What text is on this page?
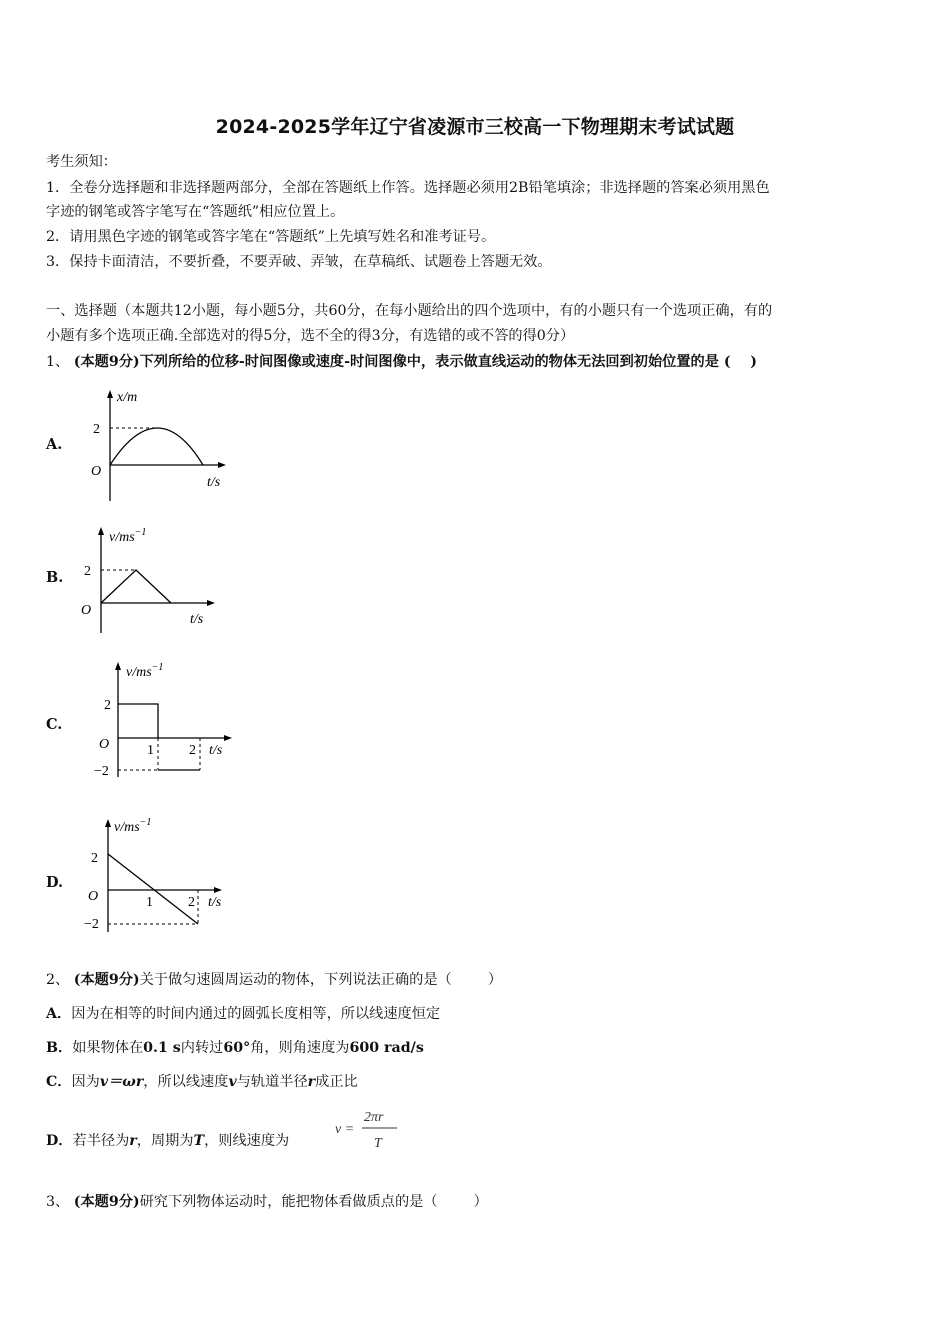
2024-2025学年辽宁省凌源市三校高一下物理期末考试试题
考生须知：
1．全卷分选择题和非选择题两部分，全部在答题纸上作答。选择题必须用2B铅笔填涂；非选择题的答案必须用黑色
字迹的钢笔或答字笔写在“答题纸”相应位置上。
2．请用黑色字迹的钢笔或答字笔在“答题纸”上先填写姓名和准考证号。
3．保持卡面清洁，不要折叠，不要弄破、弄皱，在草稿纸、试题卷上答题无效。
一、选择题（本题共12小题，每小题5分，共60分，在每小题给出的四个选项中，有的小题只有一个选项正确，有的
小题有多个选项正确.全部选对的得5分，选不全的得3分，有选错的或不答的得0分）
1、 (本题9分)下列所给的位移-时间图像或速度-时间图像中，表示做直线运动的物体无法回到初始位置的是 (    )
A.
x/m
2
O
t/s
B.
$v/ms^{-1}$
2
O
t/s
C.
$v/ms^{-1}$
2
O
−2
1	2 t/s
D.
$v/ms^{-1}$
2
O
−2
1	2 t/s
2、 (本题9分)关于做匀速圆周运动的物体，下列说法正确的是（        ）
A．因为在相等的时间内通过的圆弧长度相等，所以线速度恒定
B．如果物体在0.1 s内转过60°角，则角速度为600 rad/s
C．因为v＝ωr，所以线速度v与轨道半径r成正比
D．若半径为r，周期为T，则线速度为
v =
2πr
T
3、 (本题9分)研究下列物体运动时，能把物体看做质点的是（        ）
